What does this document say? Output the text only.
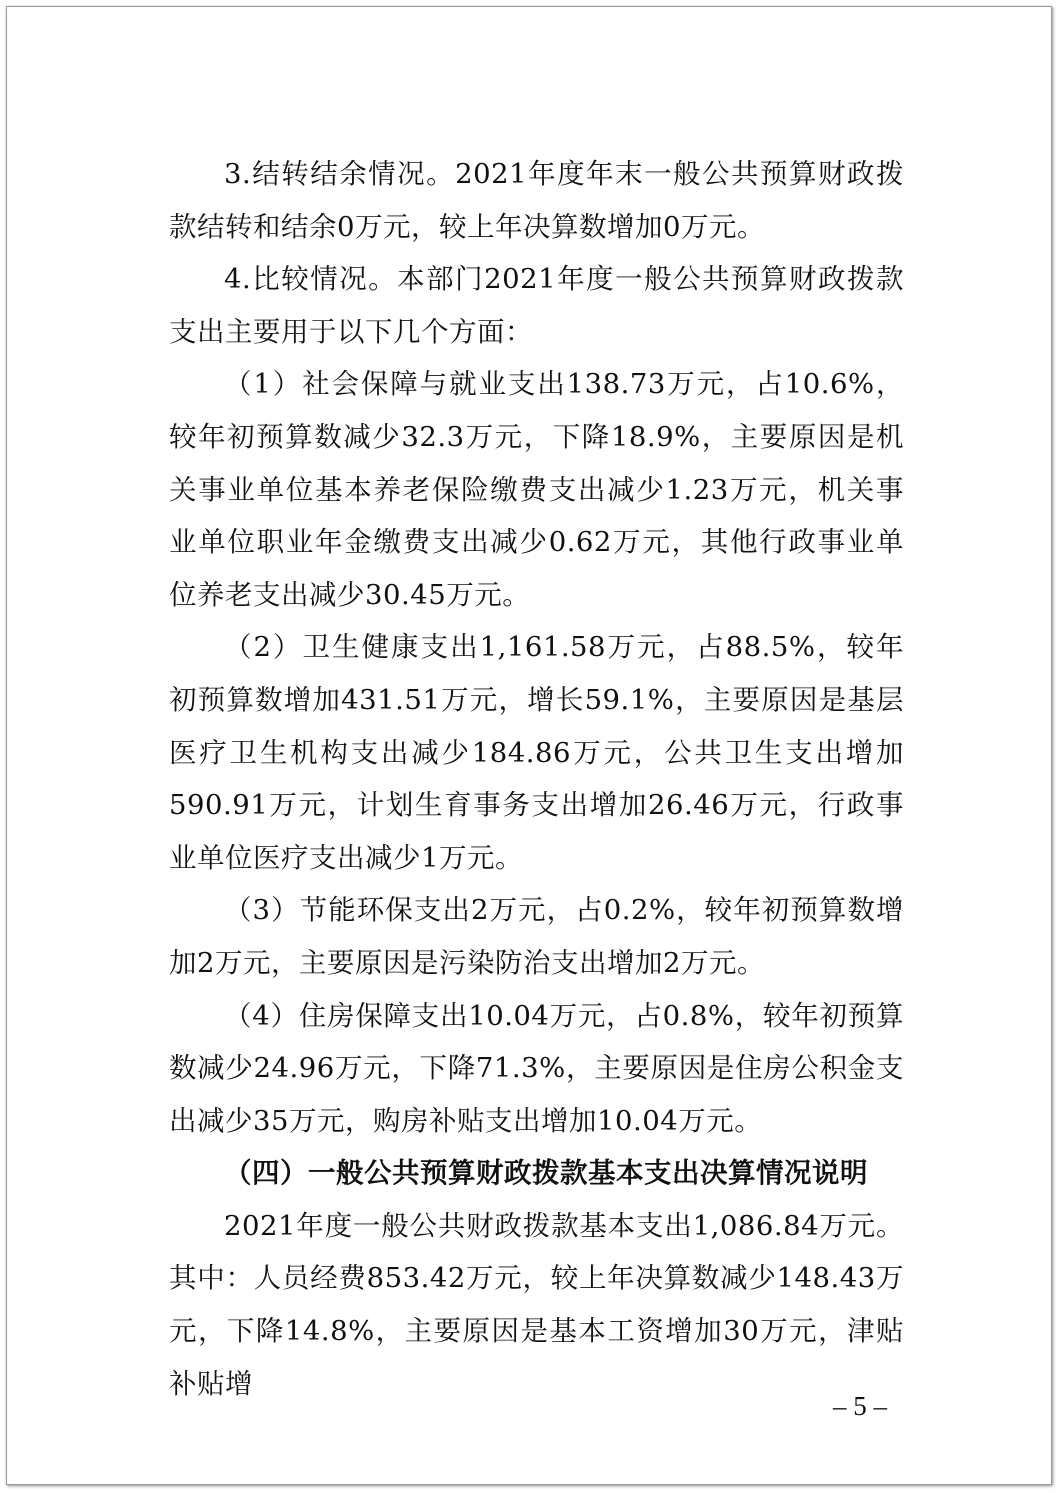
3.结转结余情况。2021年度年末一般公共预算财政拨款结转和结余0万元，较上年决算数增加0万元。

4.比较情况。本部门2021年度一般公共预算财政拨款支出主要用于以下几个方面：

（1）社会保障与就业支出138.73万元，占10.6%，较年初预算数减少32.3万元，下降18.9%，主要原因是机关事业单位基本养老保险缴费支出减少1.23万元，机关事业单位职业年金缴费支出减少0.62万元，其他行政事业单位养老支出减少30.45万元。

（2）卫生健康支出1,161.58万元，占88.5%，较年初预算数增加431.51万元，增长59.1%，主要原因是基层医疗卫生机构支出减少184.86万元，公共卫生支出增加590.91万元，计划生育事务支出增加26.46万元，行政事业单位医疗支出减少1万元。

（3）节能环保支出2万元，占0.2%，较年初预算数增加2万元，主要原因是污染防治支出增加2万元。

（4）住房保障支出10.04万元，占0.8%，较年初预算数减少24.96万元，下降71.3%，主要原因是住房公积金支出减少35万元，购房补贴支出增加10.04万元。

（四）一般公共预算财政拨款基本支出决算情况说明

2021年度一般公共财政拨款基本支出1,086.84万元。其中：人员经费853.42万元，较上年决算数减少148.43万元，下降14.8%，主要原因是基本工资增加30万元，津贴补贴增

– 5 –
